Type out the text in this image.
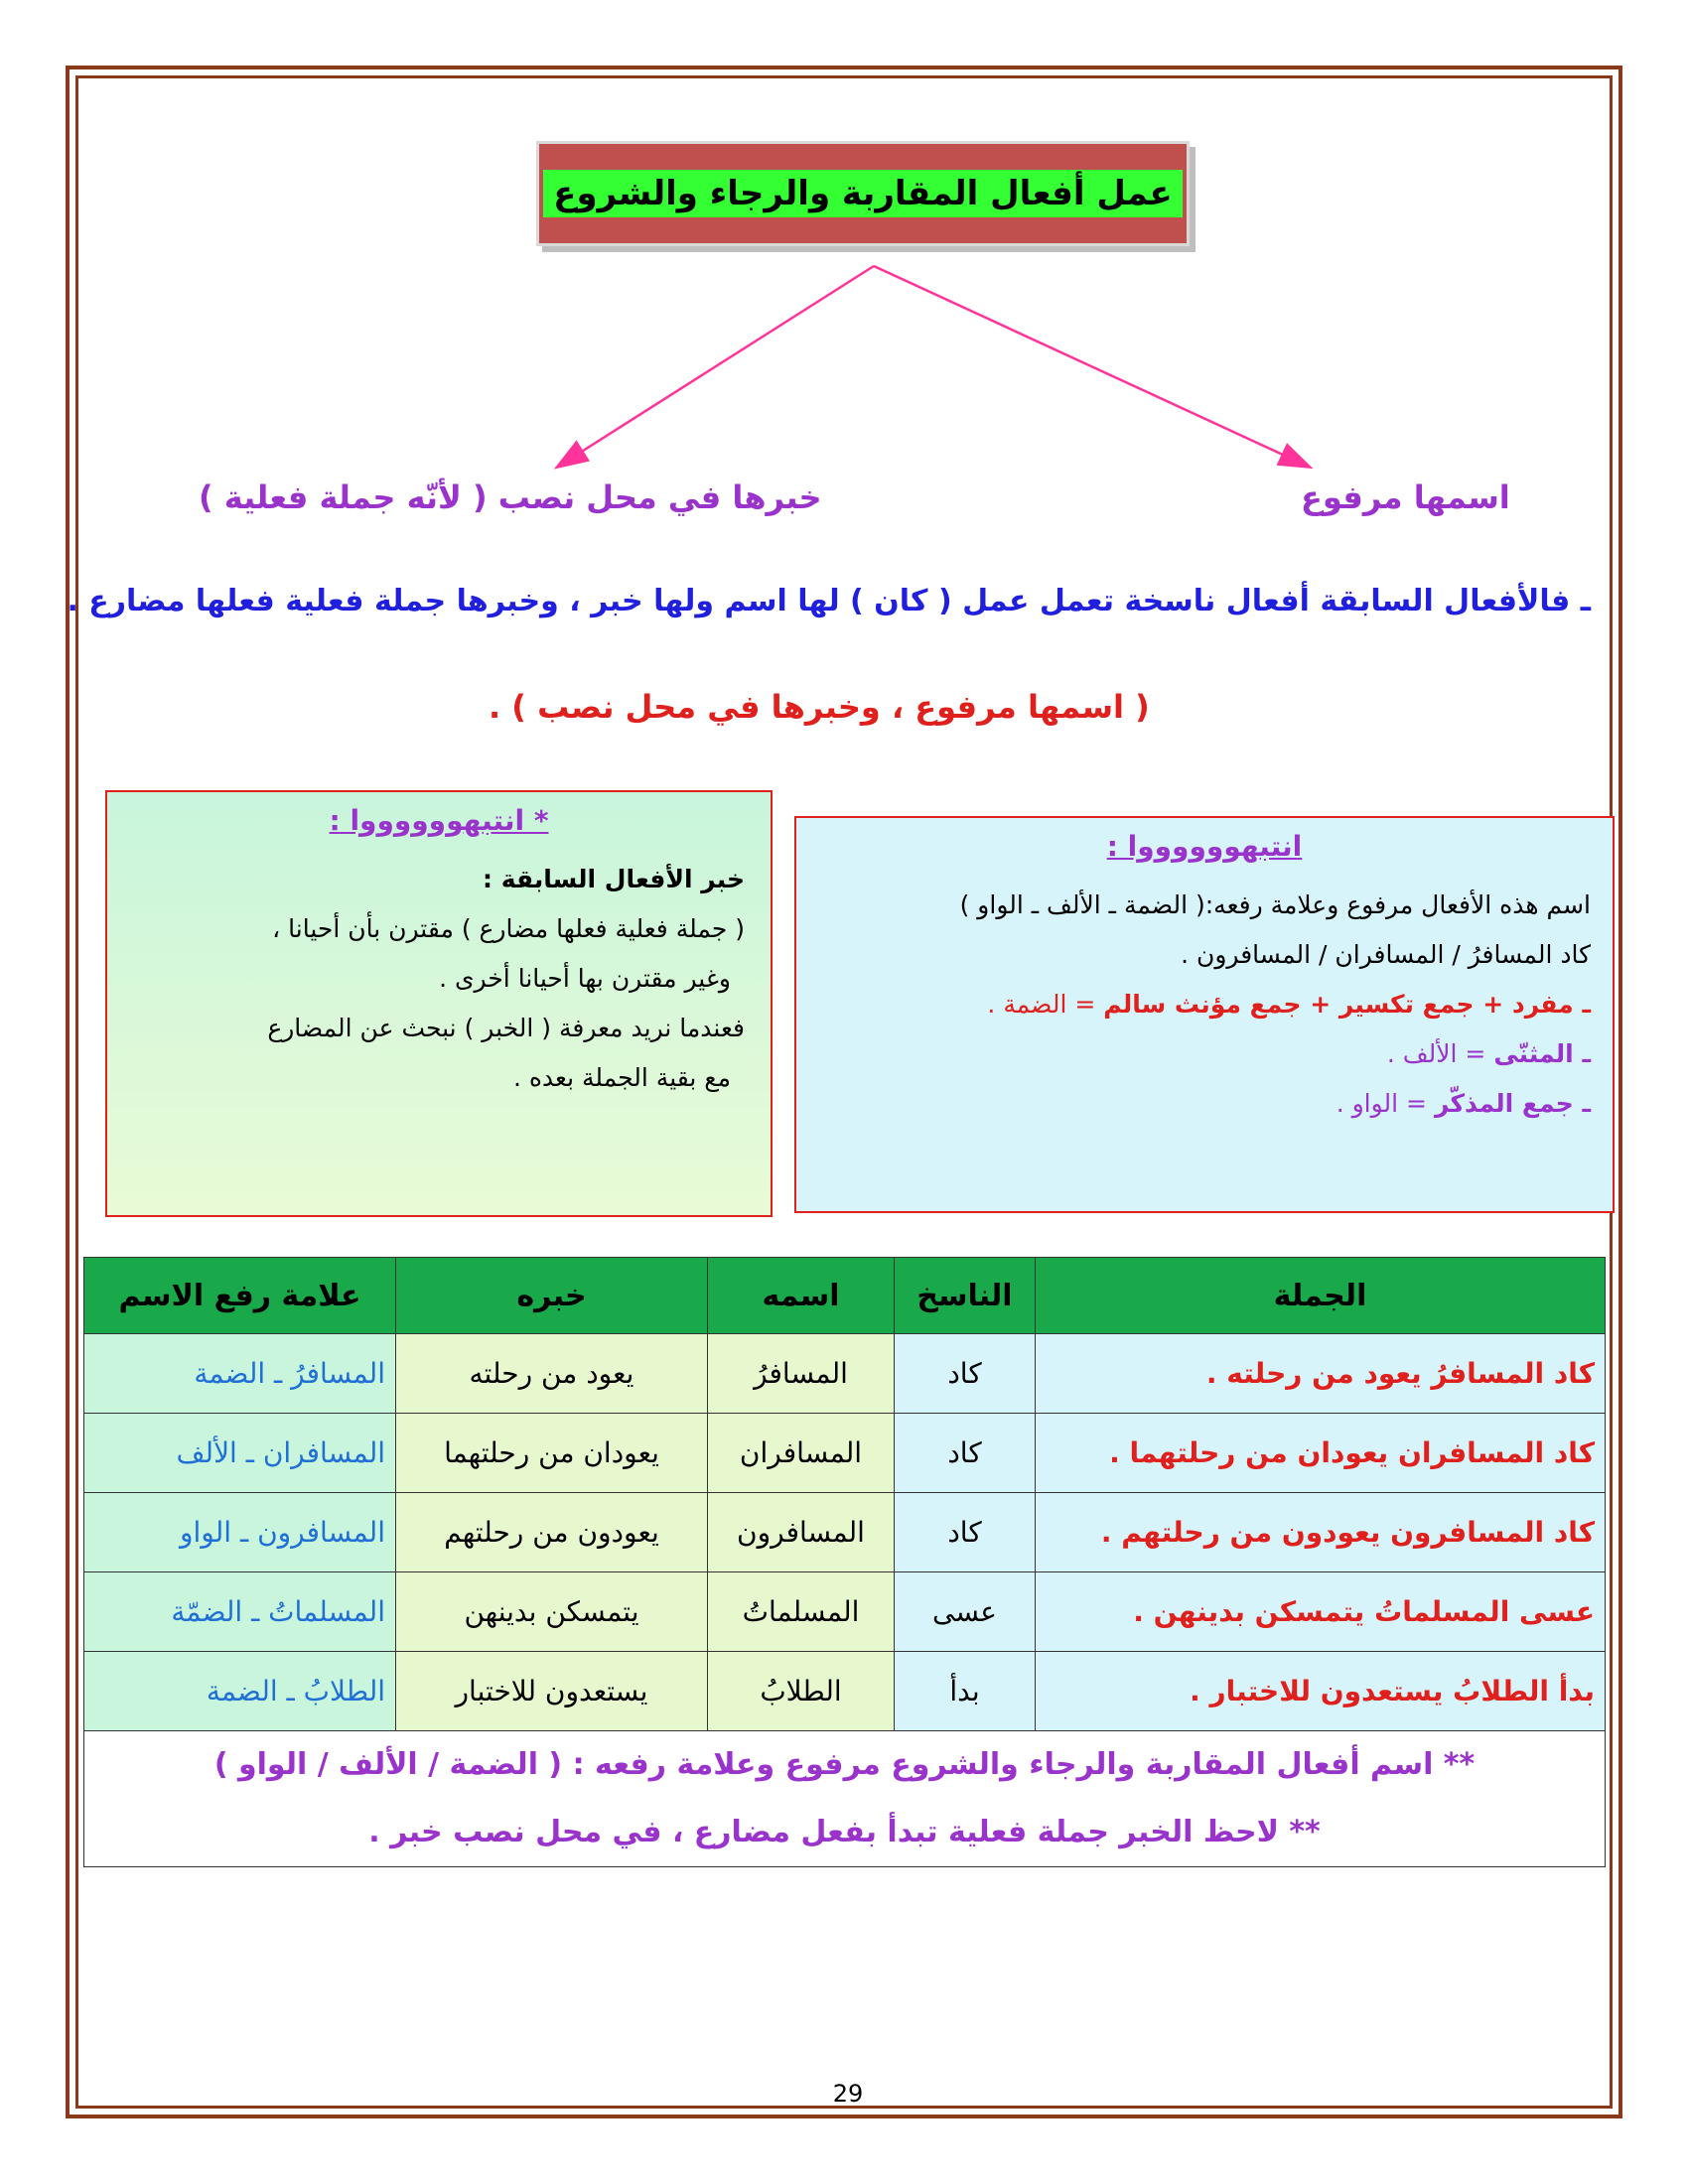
عمل أفعال المقاربة والرجاء والشروع
خبرها في محل نصب ( لأنّه جملة فعلية )	اسمها مرفوع
ـ فالأفعال السابقة أفعال ناسخة تعمل عمل ( كان ) لها اسم ولها خبر ، وخبرها جملة فعلية فعلها مضارع .
( اسمها مرفوع ، وخبرها في محل نصب ) .
* انتبهووووووا :
خبر الأفعال السابقة :
( جملة فعلية فعلها مضارع ) مقترن بأن أحيانا ،
وغير مقترن بها أحيانا أخرى .
فعندما نريد معرفة ( الخبر ) نبحث عن المضارع
مع بقية الجملة بعده .
انتبهووووووا :
اسم هذه الأفعال مرفوع وعلامة رفعه:( الضمة ـ الألف ـ الواو )
كاد المسافرُ / المسافران / المسافرون .
ـ مفرد + جمع تكسير + جمع مؤنث سالم = الضمة .
ـ المثنّى = الألف .
ـ جمع المذكّر = الواو .
الجملة	الناسخ	اسمه	خبره	علامة رفع الاسم
كاد المسافرُ يعود من رحلته .	كاد	المسافرُ	يعود من رحلته	المسافرُ ـ الضمة
كاد المسافران يعودان من رحلتهما .	كاد	المسافران	يعودان من رحلتهما	المسافران ـ الألف
كاد المسافرون يعودون من رحلتهم .	كاد	المسافرون	يعودون من رحلتهم	المسافرون ـ الواو
عسى المسلماتُ يتمسكن بدينهن .	عسى	المسلماتُ	يتمسكن بدينهن	المسلماتُ ـ الضمّة
بدأ الطلابُ يستعدون للاختبار .	بدأ	الطلابُ	يستعدون للاختبار	الطلابُ ـ الضمة

** اسم أفعال المقاربة والرجاء والشروع مرفوع وعلامة رفعه : ( الضمة / الألف / الواو )
** لاحظ الخبر جملة فعلية تبدأ بفعل مضارع ، في محل نصب خبر .				
29
